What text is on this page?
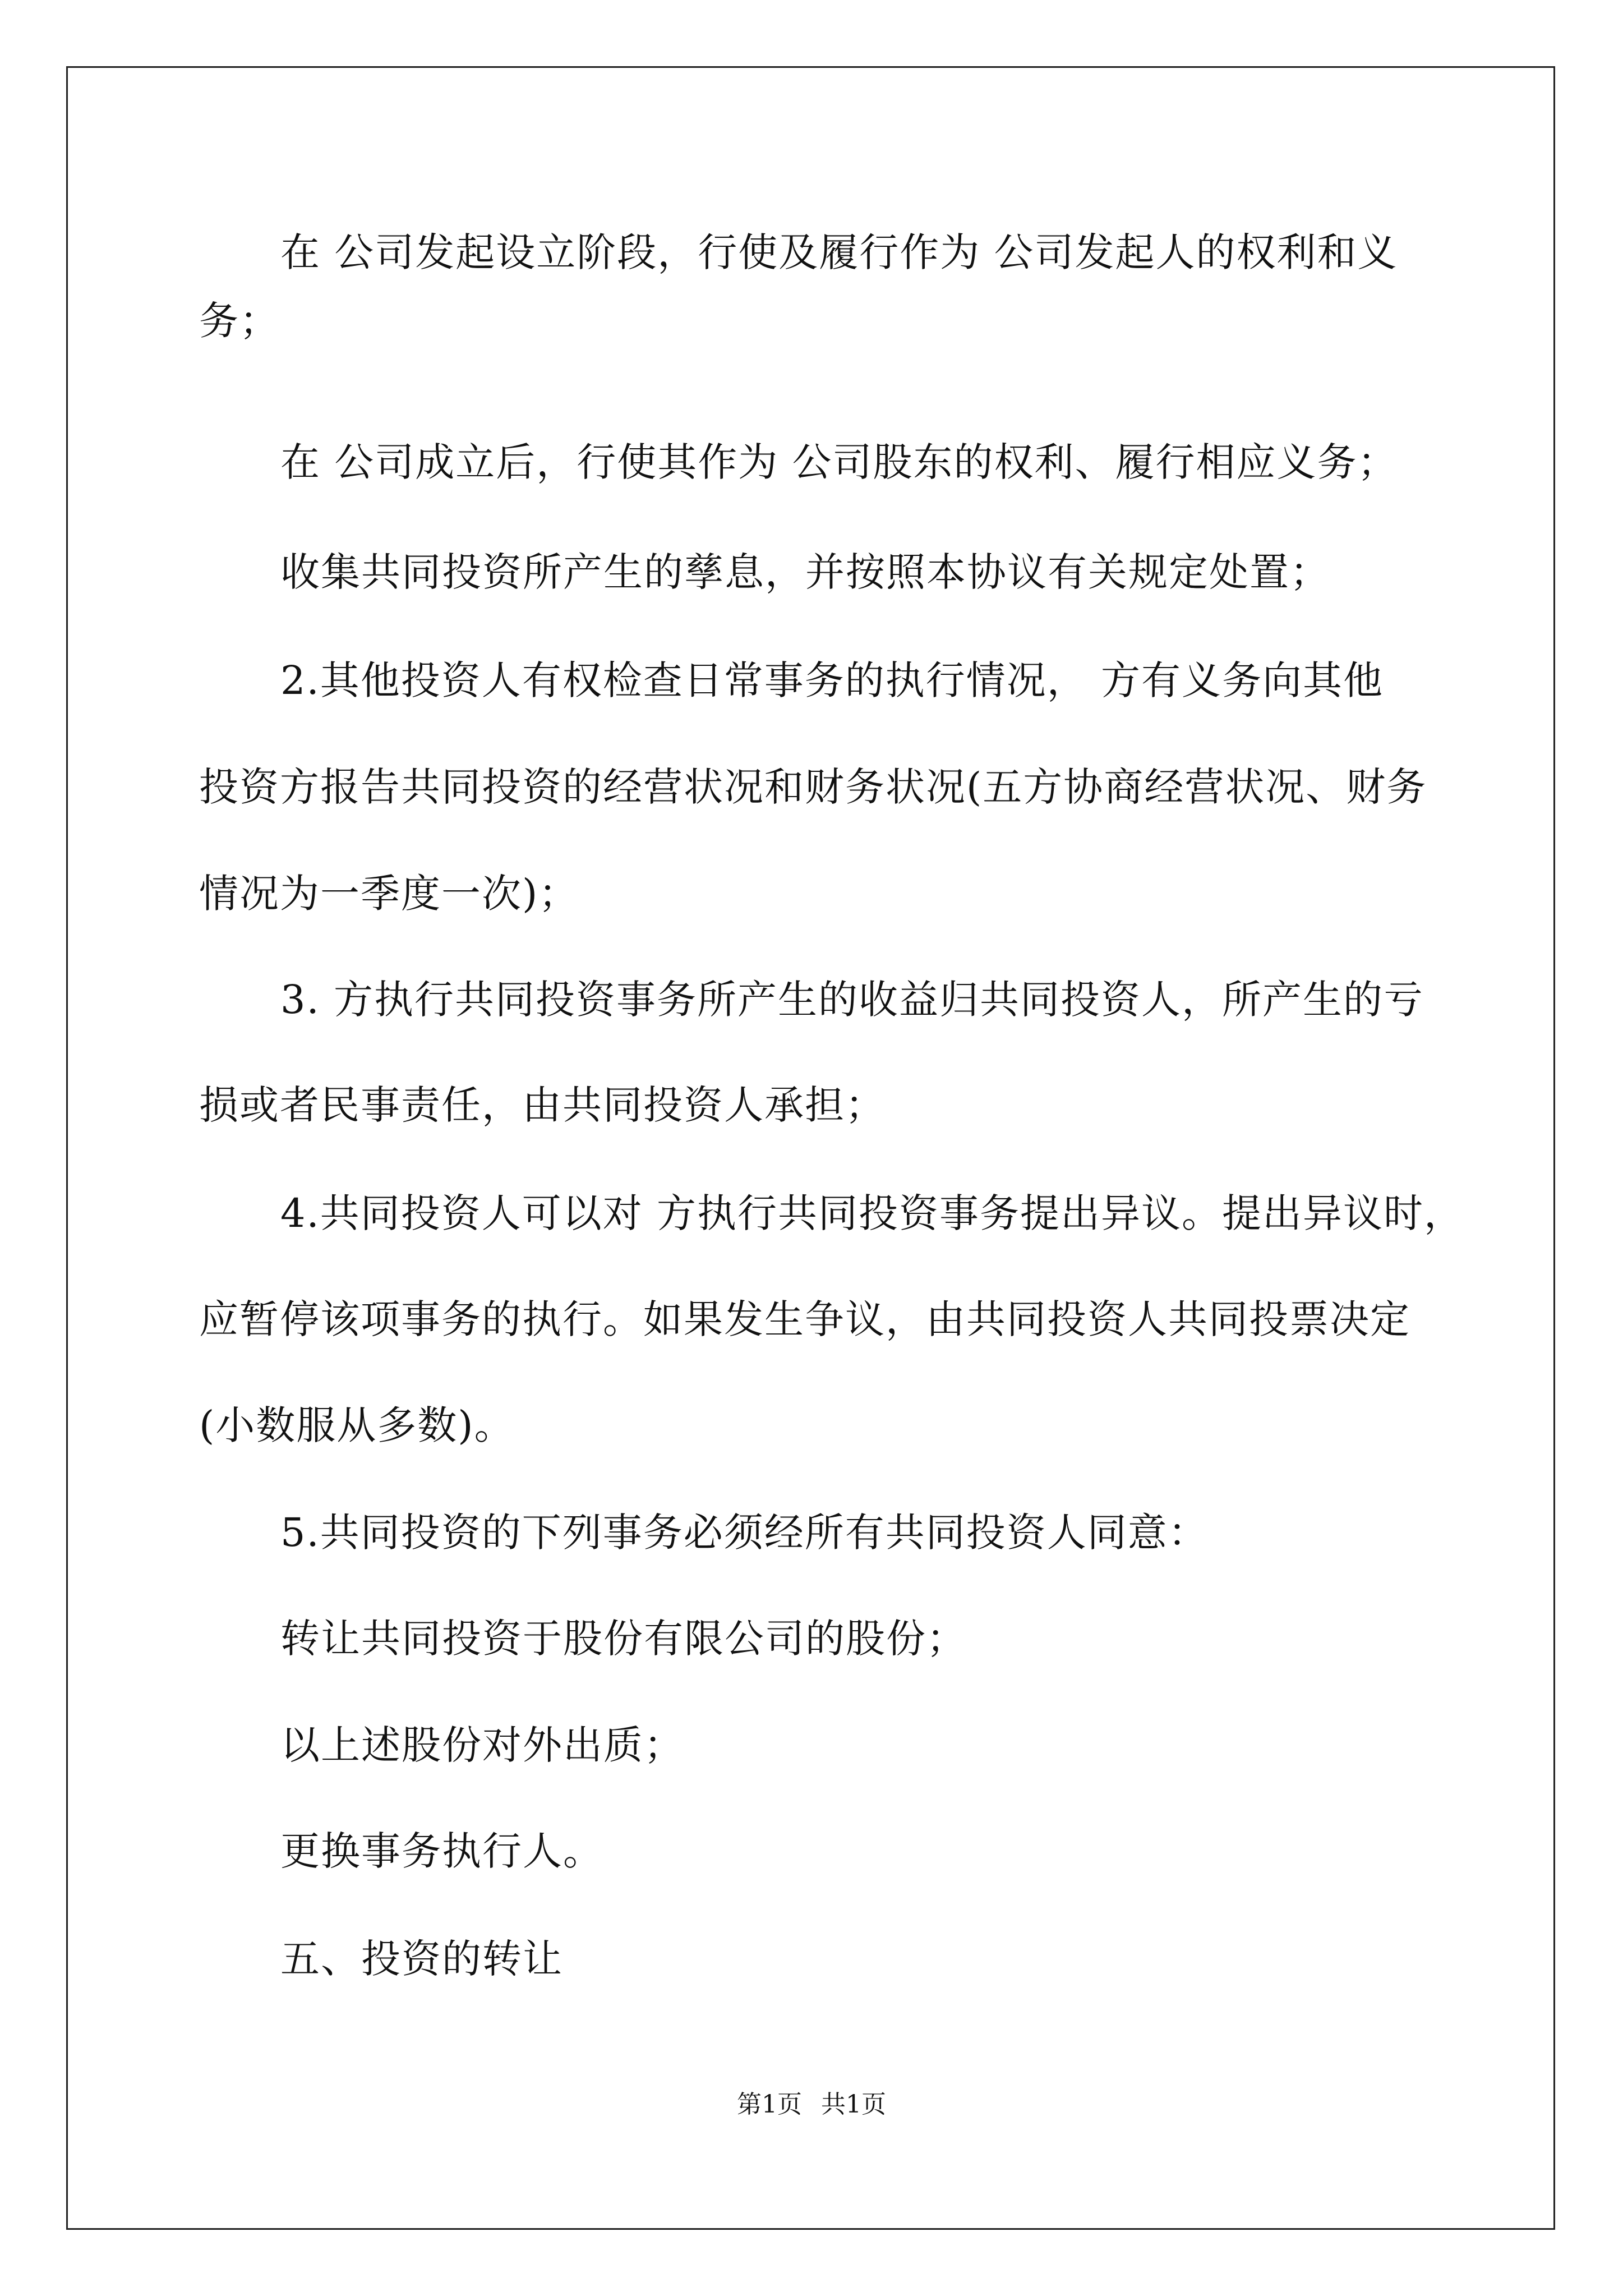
在 公司发起设立阶段，行使及履行作为 公司发起人的权利和义
务；
在 公司成立后，行使其作为 公司股东的权利、履行相应义务；
收集共同投资所产生的孳息，并按照本协议有关规定处置；
2.其他投资人有权检查日常事务的执行情况， 方有义务向其他
投资方报告共同投资的经营状况和财务状况(五方协商经营状况、财务
情况为一季度一次)；
3. 方执行共同投资事务所产生的收益归共同投资人，所产生的亏
损或者民事责任，由共同投资人承担；
4.共同投资人可以对 方执行共同投资事务提出异议。提出异议时，
应暂停该项事务的执行。如果发生争议，由共同投资人共同投票决定
(小数服从多数)。
5.共同投资的下列事务必须经所有共同投资人同意：
转让共同投资于股份有限公司的股份；
以上述股份对外出质；
更换事务执行人。
五、投资的转让
第1页 共1页
